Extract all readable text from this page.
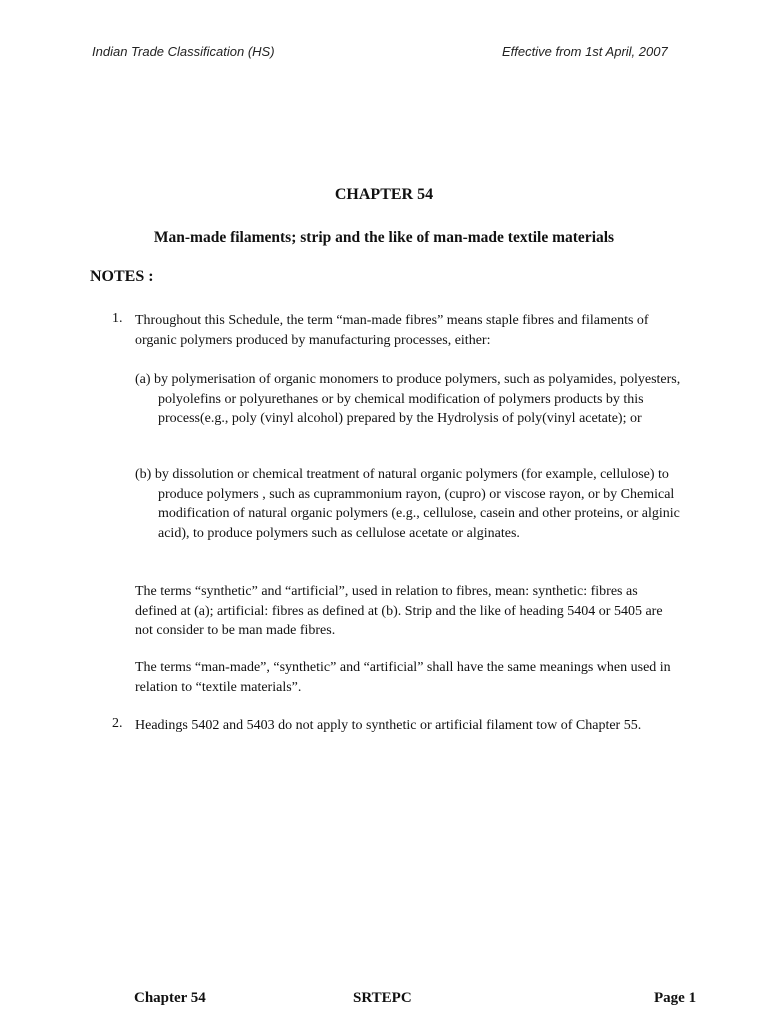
Indian Trade Classification (HS)	Effective from 1st April, 2007
CHAPTER 54
Man-made filaments; strip and the like of man-made textile materials
NOTES :
1. Throughout this Schedule, the term “man-made fibres” means staple fibres and filaments of organic polymers produced by manufacturing processes, either:
(a) by polymerisation of organic monomers to produce polymers, such as polyamides, polyesters, polyolefins or polyurethanes or by chemical modification of polymers products by this process(e.g., poly (vinyl alcohol) prepared by the Hydrolysis of poly(vinyl acetate); or
(b) by dissolution or chemical treatment of natural organic polymers (for example, cellulose) to produce polymers , such as cuprammonium rayon, (cupro) or viscose rayon, or by Chemical modification of natural organic polymers (e.g., cellulose, casein and other proteins, or alginic acid), to produce polymers such as cellulose acetate or alginates.
The terms “synthetic” and “artificial”, used in relation to fibres, mean: synthetic: fibres as defined at (a); artificial: fibres as defined at (b). Strip and the like of heading 5404 or 5405 are not consider to be man made fibres.
The terms “man-made”, “synthetic” and “artificial” shall have the same meanings when used in relation to “textile materials”.
2. Headings 5402 and 5403 do not apply to synthetic or artificial filament tow of Chapter 55.
Chapter 54	SRTEPC	Page 1
